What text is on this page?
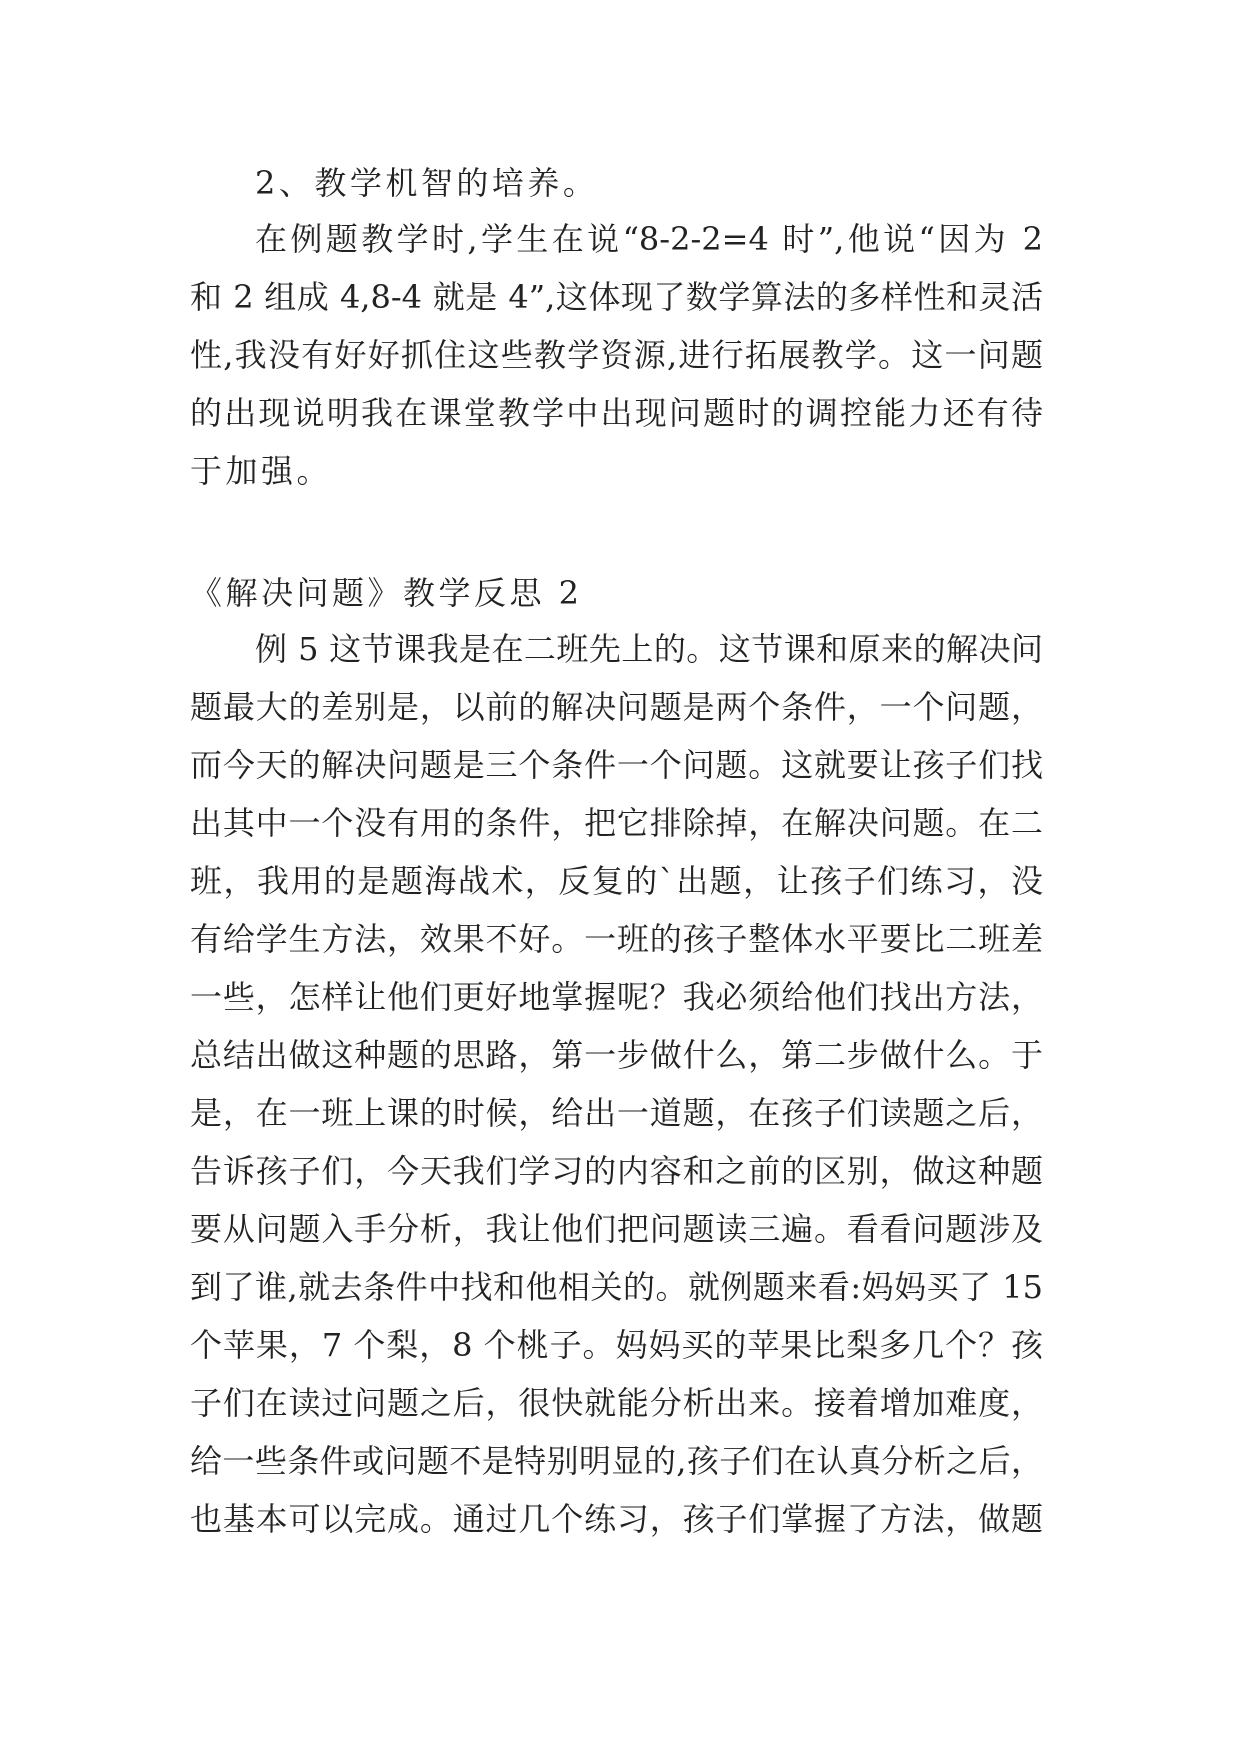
2、教学机智的培养。
在例题教学时,学生在说“8-2-2=4 时”,他说“因为 2
和 2 组成 4,8-4 就是 4”,这体现了数学算法的多样性和灵活
性,我没有好好抓住这些教学资源,进行拓展教学。这一问题
的出现说明我在课堂教学中出现问题时的调控能力还有待
于加强。
《解决问题》教学反思 2
例 5 这节课我是在二班先上的。这节课和原来的解决问
题最大的差别是，以前的解决问题是两个条件，一个问题，
而今天的解决问题是三个条件一个问题。这就要让孩子们找
出其中一个没有用的条件，把它排除掉，在解决问题。在二
班，我用的是题海战术，反复的`出题，让孩子们练习，没
有给学生方法，效果不好。一班的孩子整体水平要比二班差
一些，怎样让他们更好地掌握呢？我必须给他们找出方法，
总结出做这种题的思路，第一步做什么，第二步做什么。于
是，在一班上课的时候，给出一道题，在孩子们读题之后，
告诉孩子们，今天我们学习的内容和之前的区别，做这种题
要从问题入手分析，我让他们把问题读三遍。看看问题涉及
到了谁,就去条件中找和他相关的。就例题来看:妈妈买了 15
个苹果，7 个梨，8 个桃子。妈妈买的苹果比梨多几个？孩
子们在读过问题之后，很快就能分析出来。接着增加难度，
给一些条件或问题不是特别明显的,孩子们在认真分析之后，
也基本可以完成。通过几个练习，孩子们掌握了方法，做题
